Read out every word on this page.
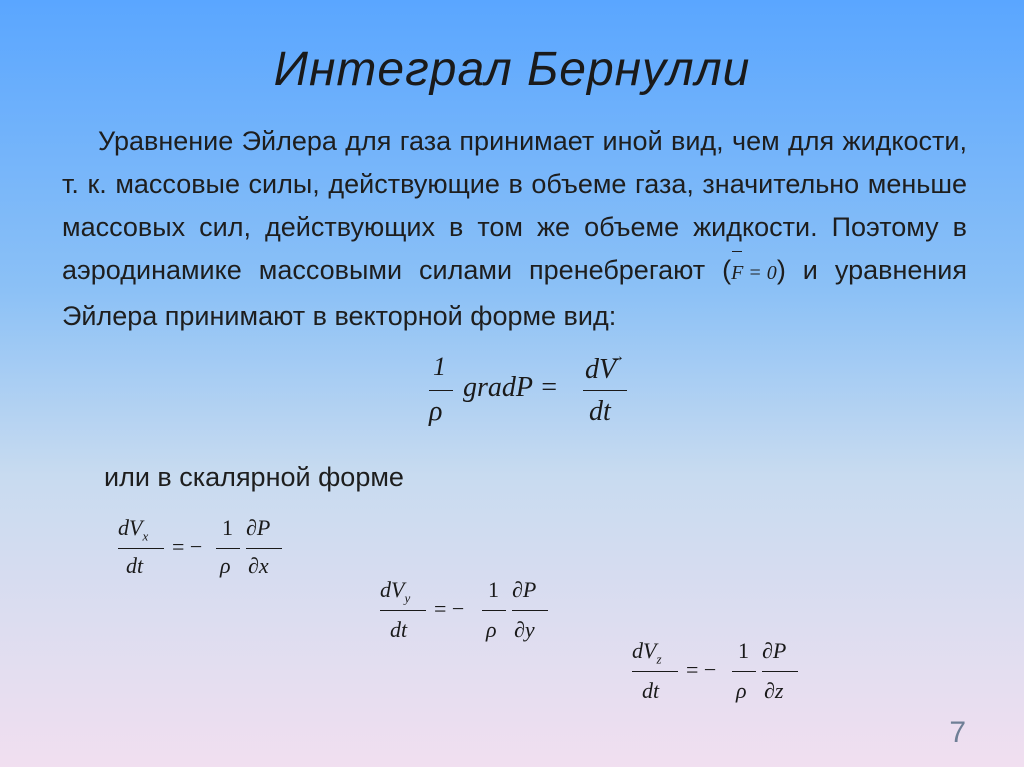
Интеграл Бернулли
Уравнение Эйлера для газа принимает иной вид, чем для жидкости, т. к. массовые силы, действующие в объеме газа, значительно меньше массовых сил, действующих в том же объеме жидкости. Поэтому в аэродинамике массовыми силами пренебрегают (F = 0) и уравнения Эйлера принимают в векторной форме вид:
1
ρ
gradP =
dV
→
dt
или в скалярной форме
$dV_x$
dt
= −
1
ρ
∂P
∂x
$dV_y$
dt
= −
1
ρ
∂P
∂y
$dV_z$
dt
= −
1
ρ
∂P
∂z
7
